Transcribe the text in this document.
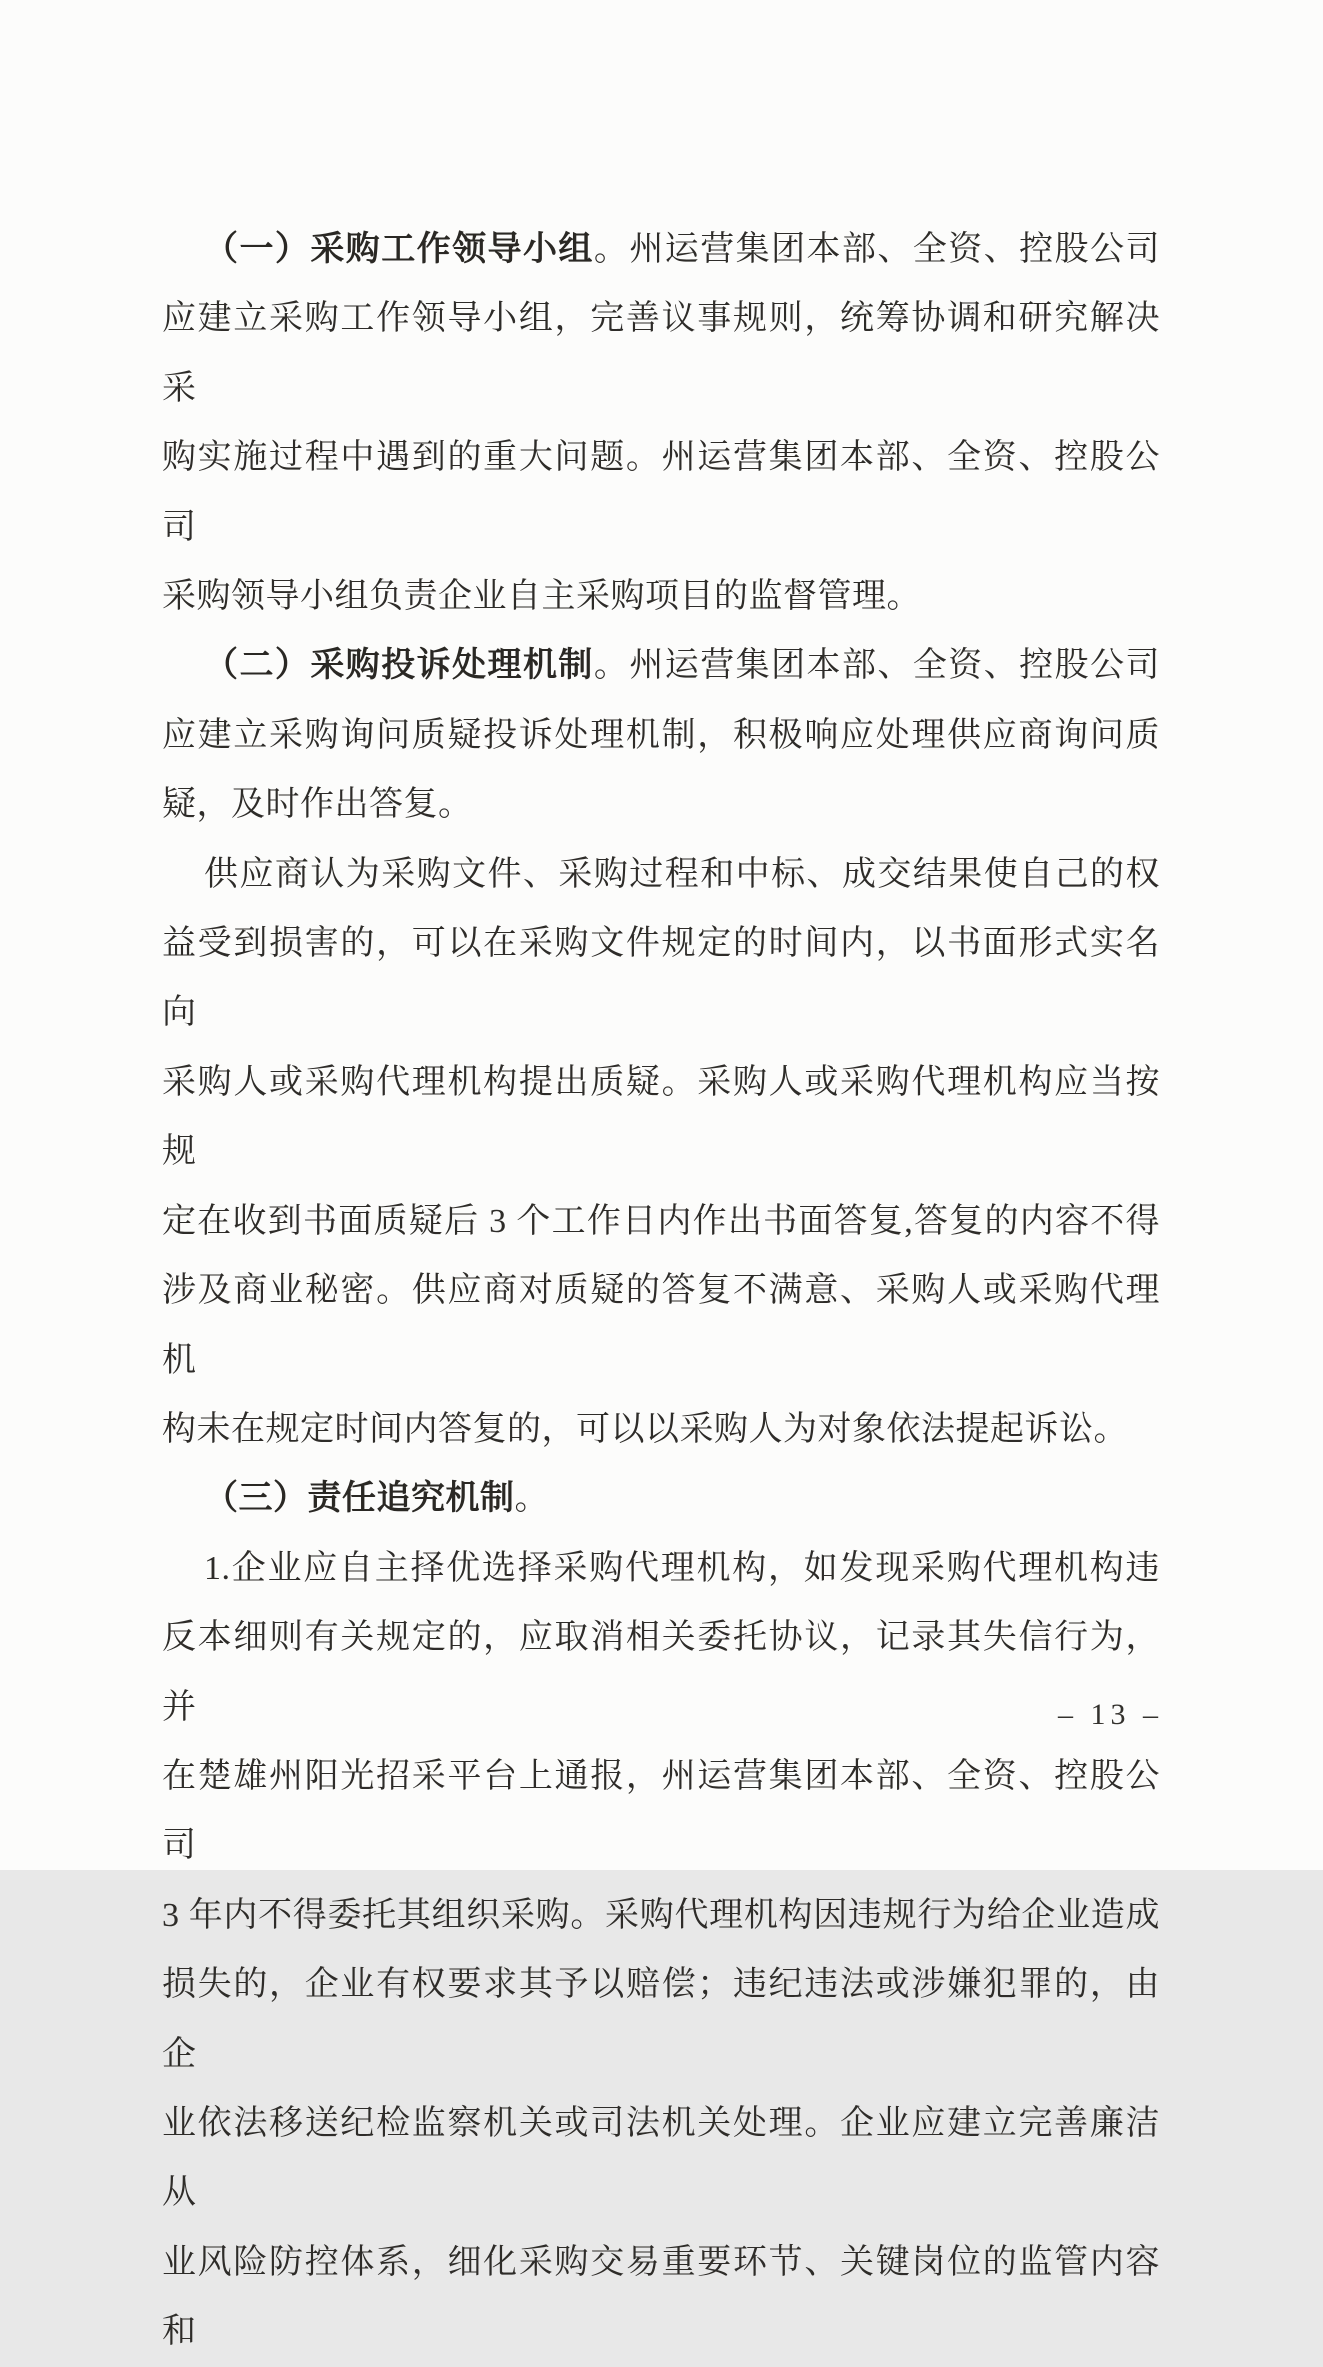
（一）采购工作领导小组。州运营集团本部、全资、控股公司
应建立采购工作领导小组，完善议事规则，统筹协调和研究解决采
购实施过程中遇到的重大问题。州运营集团本部、全资、控股公司
采购领导小组负责企业自主采购项目的监督管理。
（二）采购投诉处理机制。州运营集团本部、全资、控股公司
应建立采购询问质疑投诉处理机制，积极响应处理供应商询问质
疑，及时作出答复。
供应商认为采购文件、采购过程和中标、成交结果使自己的权
益受到损害的，可以在采购文件规定的时间内，以书面形式实名向
采购人或采购代理机构提出质疑。采购人或采购代理机构应当按规
定在收到书面质疑后 3 个工作日内作出书面答复,答复的内容不得
涉及商业秘密。供应商对质疑的答复不满意、采购人或采购代理机
构未在规定时间内答复的，可以以采购人为对象依法提起诉讼。
（三）责任追究机制。
1.企业应自主择优选择采购代理机构，如发现采购代理机构违
反本细则有关规定的，应取消相关委托协议，记录其失信行为，并
在楚雄州阳光招采平台上通报，州运营集团本部、全资、控股公司
3 年内不得委托其组织采购。采购代理机构因违规行为给企业造成
损失的，企业有权要求其予以赔偿；违纪违法或涉嫌犯罪的，由企
业依法移送纪检监察机关或司法机关处理。企业应建立完善廉洁从
业风险防控体系，细化采购交易重要环节、关键岗位的监管内容和
– 13 –
